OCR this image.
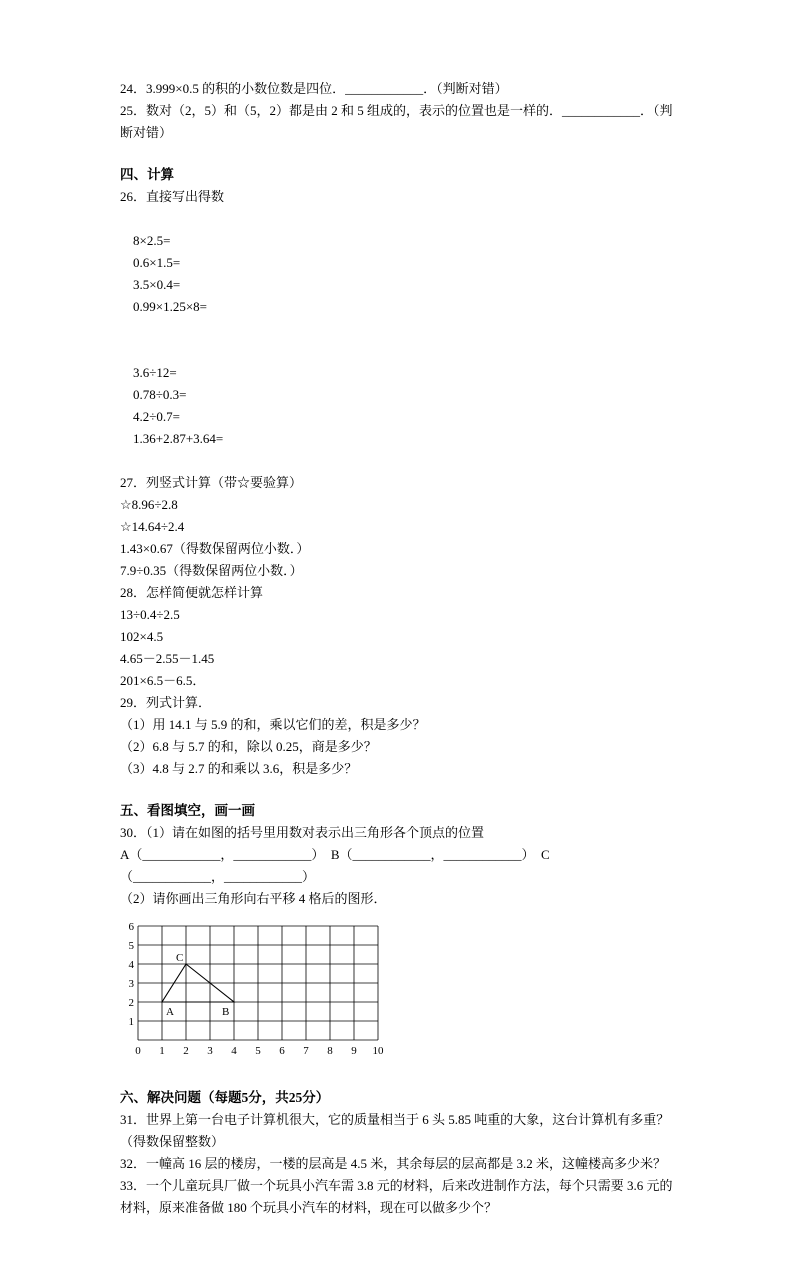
24．3.999×0.5 的积的小数位数是四位．____________．（判断对错）

25．数对（2，5）和（5，2）都是由 2 和 5 组成的，表示的位置也是一样的．____________．（判断对错）

四、计算

26．直接写出得数

8×2.5=
0.6×1.5=
3.5×0.4=
0.99×1.25×8=

3.6÷12=
0.78÷0.3=
4.2÷0.7=
1.36+2.87+3.64=

27．列竖式计算（带☆要验算）

☆8.96÷2.8

☆14.64÷2.4

1.43×0.67（得数保留两位小数．）

7.9÷0.35（得数保留两位小数．）

28．怎样简便就怎样计算

13÷0.4÷2.5

102×4.5

4.65－2.55－1.45

201×6.5－6.5．

29．列式计算．

（1）用 14.1 与 5.9 的和，乘以它们的差，积是多少？

（2）6.8 与 5.7 的和，除以 0.25，商是多少？

（3）4.8 与 2.7 的和乘以 3.6，积是多少？

五、看图填空，画一画

30．（1）请在如图的括号里用数对表示出三角形各个顶点的位置

A（____________，____________）  B（____________，____________）  C

（____________，____________）

（2）请你画出三角形向右平移 4 格后的图形．

6
5
4
3
2
1
0 1 2 3 4 5 6 7 8 9 10
A	B
C
六、解决问题（每题5分，共25分）

31．世界上第一台电子计算机很大，它的质量相当于 6 头 5.85 吨重的大象，这台计算机有多重？（得数保留整数）

32．一幢高 16 层的楼房，一楼的层高是 4.5 米，其余每层的层高都是 3.2 米，这幢楼高多少米？

33．一个儿童玩具厂做一个玩具小汽车需 3.8 元的材料，后来改进制作方法，每个只需要 3.6 元的材料，原来准备做 180 个玩具小汽车的材料，现在可以做多少个？
